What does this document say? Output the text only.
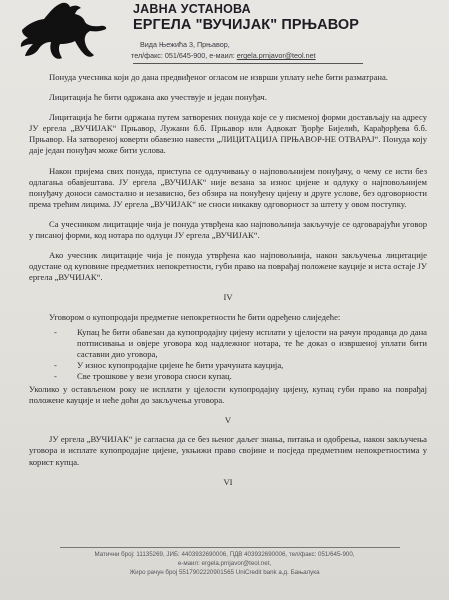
ЈАВНА УСТАНОВА
ЕРГЕЛА "ВУЧИЈАК" ПРЊАВОР
Вида Њежића 3, Прњавор,
тел/факс: 051/645-900, е-маил: ergela.prnjavor@teol.net

Понуда учесника који до дана предвиђеног огласом не изврши уплату неће бити разматрана.

Лицитација ће бити одржана ако учествује и један понуђач.

Лицитација ће бити одржана путем затворених понуда које се у писменој форми достављају на адресу ЈУ ергела „ВУЧИЈАК“ Прњавор, Лужани б.б. Прњавор или Адвокат Ђорђе Бијелић, Карађорђева б.б. Прњавор. На затвореној коверти обавезно навести „ЛИЦИТАЦИЈА ПРЊАВОР-НЕ ОТВАРАЈ“. Понуда коју даје један понуђач може бити услова.

Након пријема свих понуда, приступа се одлучивању о најповољнијем понуђачу, о чему се исти без одлагања обавјештава. ЈУ ергела „ВУЧИЈАК“ није везана за износ цијене и одлуку о најповољнијем понуђачу доноси самостално и независно, без обзира на понуђену цијену и друге услове, без одговорности према трећим лицима. ЈУ ергела „ВУЧИЈАК“ не сноси никакву одговорност за штету у овом поступку.

Са учесником лицитације чија је понуда утврђена као најповољнија закључује се одговарајући уговор у писаној форми, код нотара по одлуци ЈУ ергела „ВУЧИЈАК“.

Ако учесник лицитације чија је понуда утврђена као најповољнија, након закључења лицитације одустане од куповине предметних непокретности, губи право на поврађај положене кауције и иста остаје ЈУ ергела „ВУЧИЈАК“.

IV

Уговором о купопродаји предметне непокретности ће бити одређено слиједеће:

- Купац ће бити обавезан да купопродајну цијену исплати у цјелости на рачун продавца до дана потписивања и овјере уговора код надлежног нотара, те ће доказ о извршеној уплати бити саставни дио уговора,
- У износ купопродајне цијене ће бити урачуната кауција,
- Све трошкове у вези уговора сноси купац.

Уколико у остављеном року не исплати у цјелости купопродајну цијену, купац губи право на поврађај положене кауције и неће доћи до закључења уговора.

V

ЈУ ергела „ВУЧИЈАК“ је сагласна да се без њеног даљег знања, питања и одобрења, након закључења уговора и исплате купопродајне цијене, укњижи право својине и посједа предметним непокретностима у корист купца.

VI
Матични број: 11135269, ЈИБ: 4403932690006, ПДВ 403932690006, тел/факс: 051/645-900,
е-маил: ergela.prnjavor@teol.net,
Жиро рачун број 5517902220901565 UniCredit bank а.д. Бањалука
